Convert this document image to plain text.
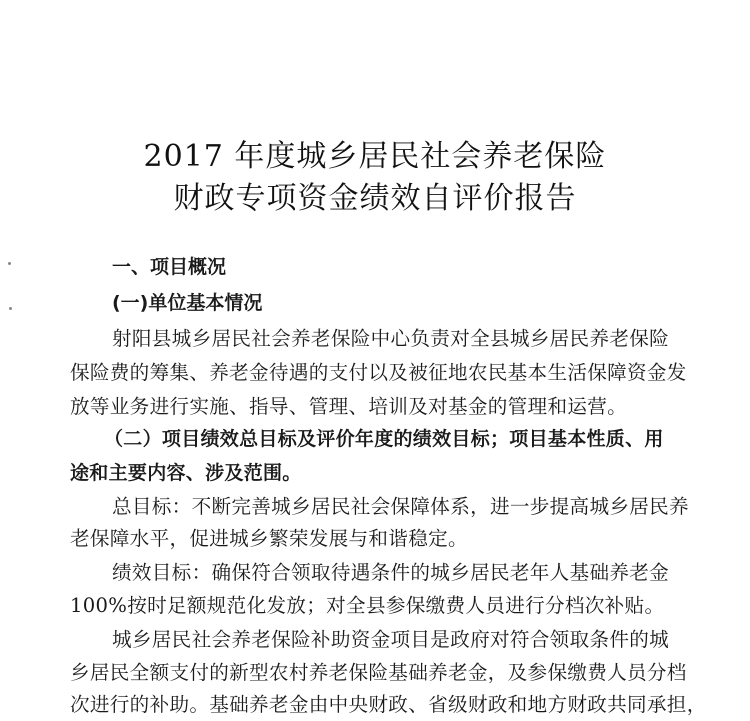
2017 年度城乡居民社会养老保险
财政专项资金绩效自评价报告
一、项目概况
(一)单位基本情况
射阳县城乡居民社会养老保险中心负责对全县城乡居民养老保险
保险费的筹集、养老金待遇的支付以及被征地农民基本生活保障资金发
放等业务进行实施、指导、管理、培训及对基金的管理和运营。
（二）项目绩效总目标及评价年度的绩效目标；项目基本性质、用
途和主要内容、涉及范围。
总目标：不断完善城乡居民社会保障体系，进一步提高城乡居民养
老保障水平，促进城乡繁荣发展与和谐稳定。
绩效目标：确保符合领取待遇条件的城乡居民老年人基础养老金
100%按时足额规范化发放；对全县参保缴费人员进行分档次补贴。
城乡居民社会养老保险补助资金项目是政府对符合领取条件的城
乡居民全额支付的新型农村养老保险基础养老金，及参保缴费人员分档
次进行的补助。基础养老金由中央财政、省级财政和地方财政共同承担，
